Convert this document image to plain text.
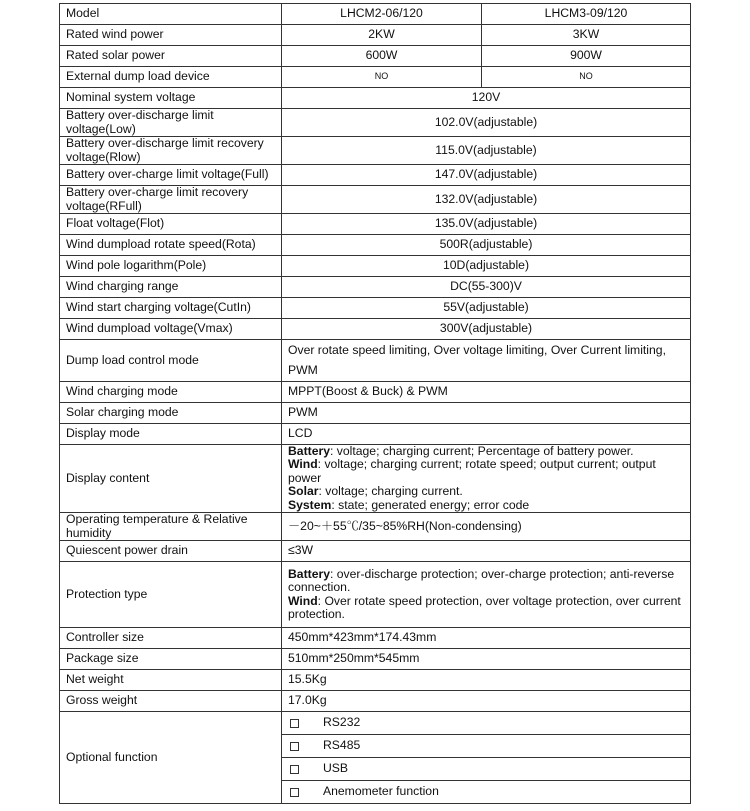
Model	LHCM2-06/120	LHCM3-09/120
Rated wind power	2KW	3KW
Rated solar power	600W	900W
External dump load device	NO	NO
Nominal system voltage	120V	
Battery over-discharge limit voltage(Low)	102.0V(adjustable)	
Battery over-discharge limit recovery voltage(Rlow)	115.0V(adjustable)	
Battery over-charge limit voltage(Full)	147.0V(adjustable)	
Battery over-charge limit recovery voltage(RFull)	132.0V(adjustable)	
Float voltage(Flot)	135.0V(adjustable)	
Wind dumpload rotate speed(Rota)	500R(adjustable)	
Wind pole logarithm(Pole)	10D(adjustable)	
Wind charging range	DC(55-300)V	
Wind start charging voltage(CutIn)	55V(adjustable)	
Wind dumpload voltage(Vmax)	300V(adjustable)	
Dump load control mode	Over rotate speed limiting, Over voltage limiting, Over Current limiting,
PWM	

Wind charging mode	MPPT(Boost & Buck) & PWM	
Solar charging mode	PWM	
Display mode	LCD	
Display content	Battery: voltage; charging current; Percentage of battery power.
Wind: voltage; charging current; rotate speed; output current; output power
Solar: voltage; charging current.
System: state; generated energy; error code	

Operating temperature & Relative humidity	－20~＋55℃/35~85%RH(Non-condensing)	
Quiescent power drain	≤3W	
Protection type	Battery: over-discharge protection; over-charge protection; anti-reverse connection.
Wind: Over rotate speed protection, over voltage protection, over current protection.	

Controller size	450mm*423mm*174.43mm	
Package size	510mm*250mm*545mm	
Net weight	15.5Kg	
Gross weight	17.0Kg	
Optional function	RS232	

	RS485	

	USB	

	Anemometer function	
